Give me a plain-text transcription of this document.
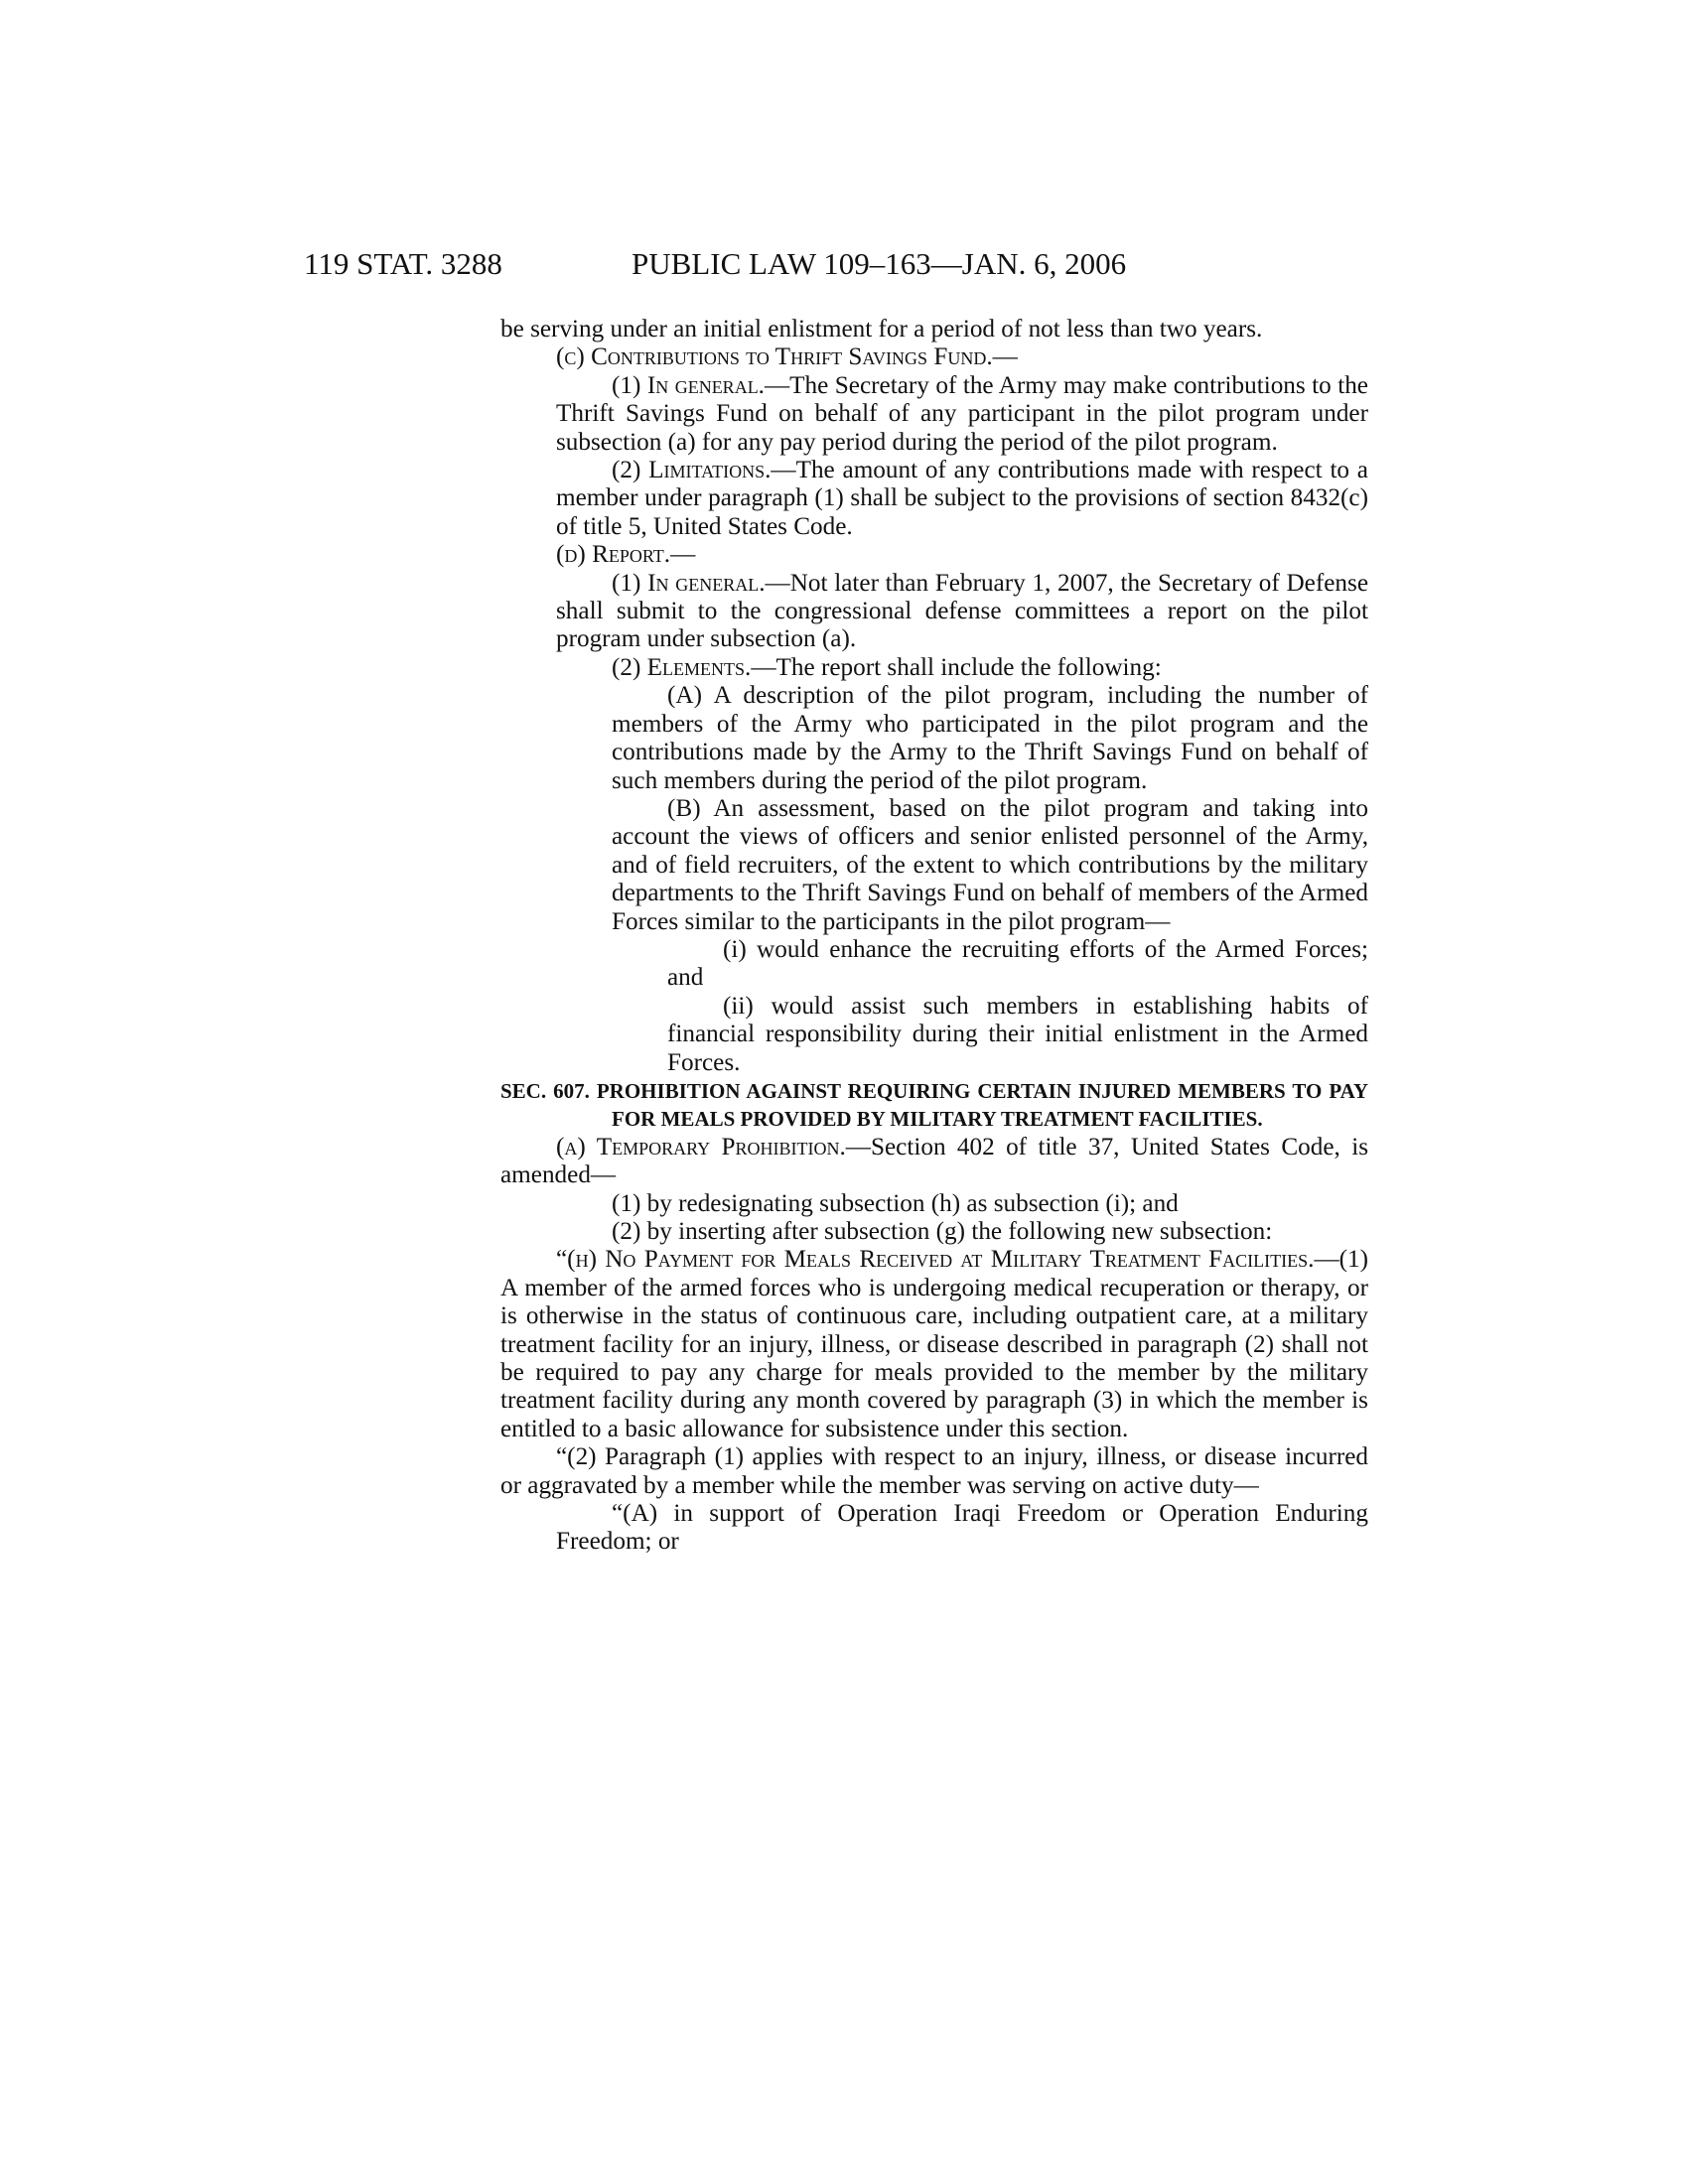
119 STAT. 3288	PUBLIC LAW 109–163—JAN. 6, 2006

be serving under an initial enlistment for a period of not less than two years.

(c) Contributions to Thrift Savings Fund.—

(1) In general.—The Secretary of the Army may make contributions to the Thrift Savings Fund on behalf of any participant in the pilot program under subsection (a) for any pay period during the period of the pilot program.

(2) Limitations.—The amount of any contributions made with respect to a member under paragraph (1) shall be subject to the provisions of section 8432(c) of title 5, United States Code.

(d) Report.—

(1) In general.—Not later than February 1, 2007, the Secretary of Defense shall submit to the congressional defense committees a report on the pilot program under subsection (a).

(2) Elements.—The report shall include the following:

(A) A description of the pilot program, including the number of members of the Army who participated in the pilot program and the contributions made by the Army to the Thrift Savings Fund on behalf of such members during the period of the pilot program.

(B) An assessment, based on the pilot program and taking into account the views of officers and senior enlisted personnel of the Army, and of field recruiters, of the extent to which contributions by the military departments to the Thrift Savings Fund on behalf of members of the Armed Forces similar to the participants in the pilot program—

(i) would enhance the recruiting efforts of the Armed Forces; and

(ii) would assist such members in establishing habits of financial responsibility during their initial enlistment in the Armed Forces.

SEC. 607. PROHIBITION AGAINST REQUIRING CERTAIN INJURED MEMBERS TO PAY FOR MEALS PROVIDED BY MILITARY TREATMENT FACILITIES.

(a) Temporary Prohibition.—Section 402 of title 37, United States Code, is amended—

(1) by redesignating subsection (h) as subsection (i); and

(2) by inserting after subsection (g) the following new subsection:

“(h) No Payment for Meals Received at Military Treatment Facilities.—(1) A member of the armed forces who is undergoing medical recuperation or therapy, or is otherwise in the status of continuous care, including outpatient care, at a military treatment facility for an injury, illness, or disease described in paragraph (2) shall not be required to pay any charge for meals provided to the member by the military treatment facility during any month covered by paragraph (3) in which the member is entitled to a basic allowance for subsistence under this section.

“(2) Paragraph (1) applies with respect to an injury, illness, or disease incurred or aggravated by a member while the member was serving on active duty—

“(A) in support of Operation Iraqi Freedom or Operation Enduring Freedom; or
